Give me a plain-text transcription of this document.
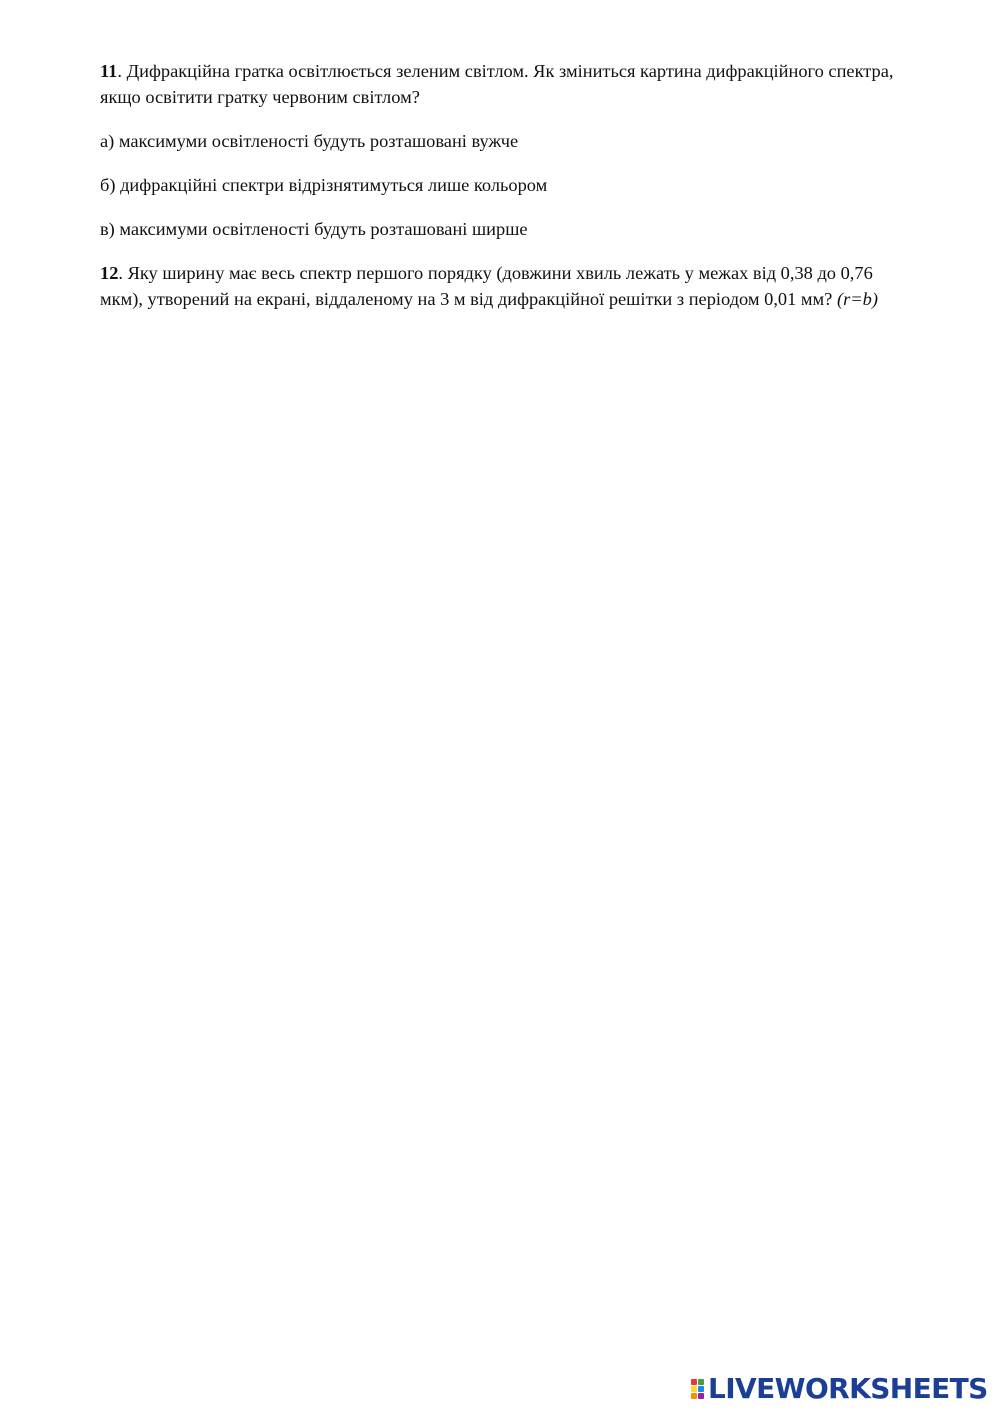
11. Дифракційна гратка освітлюється зеленим світлом. Як зміниться картина дифракційного спектра, якщо освітити гратку червоним світлом?

а) максимуми освітленості будуть розташовані вужче

б) дифракційні спектри відрізнятимуться лише кольором

в) максимуми освітленості будуть розташовані ширше

12. Яку ширину має весь спектр першого порядку (довжини хвиль лежать у межах від 0,38 до 0,76 мкм), утворений на екрані, віддаленому на 3 м від дифракційної решітки з періодом 0,01 мм? (r=b)

LIVEWORKSHEETS
